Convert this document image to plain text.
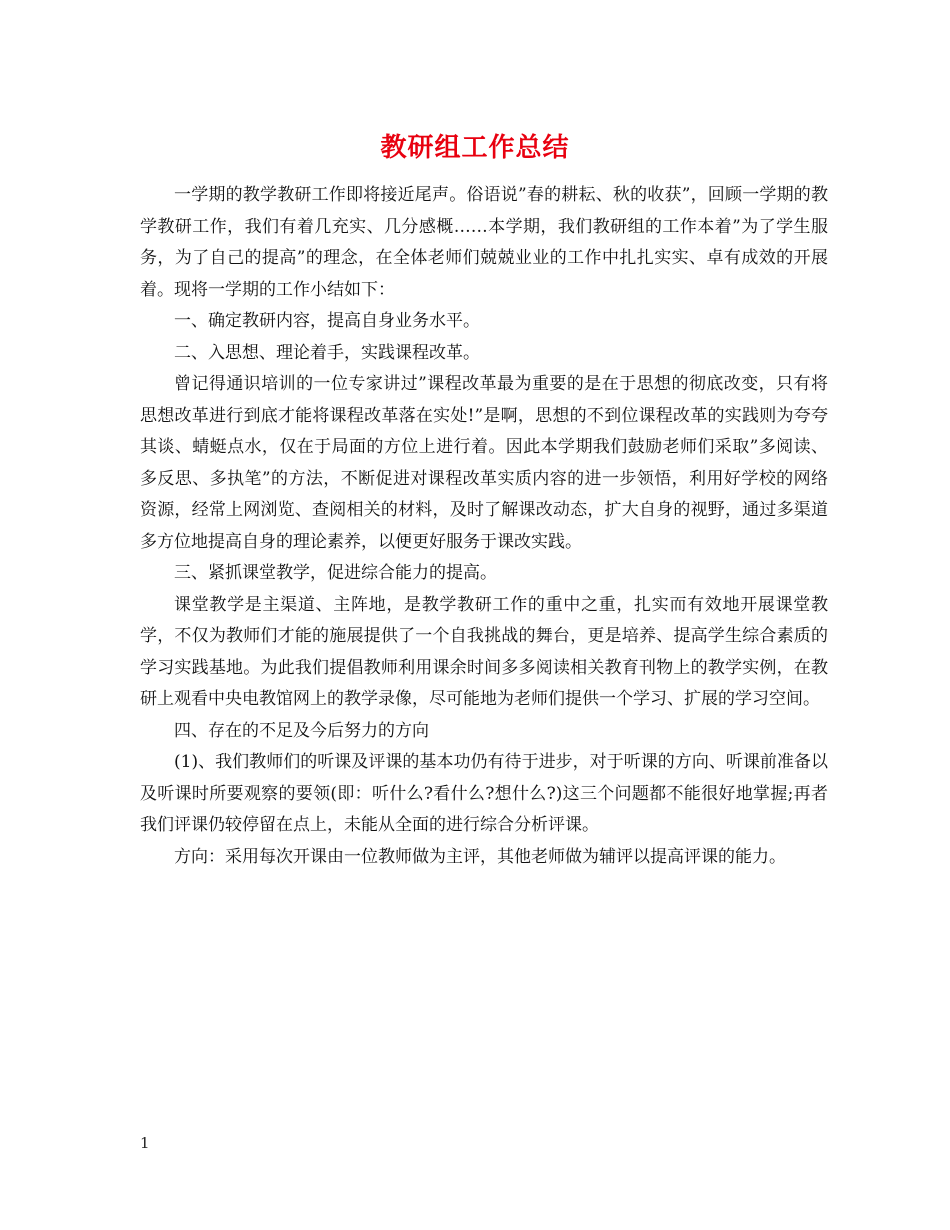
教研组工作总结

一学期的教学教研工作即将接近尾声。俗语说”春的耕耘、秋的收获”，回顾一学期的教学教研工作，我们有着几充实、几分感概……本学期，我们教研组的工作本着”为了学生服务，为了自己的提高”的理念，在全体老师们兢兢业业的工作中扎扎实实、卓有成效的开展着。现将一学期的工作小结如下：

一、确定教研内容，提高自身业务水平。

二、入思想、理论着手，实践课程改革。

曾记得通识培训的一位专家讲过”课程改革最为重要的是在于思想的彻底改变，只有将思想改革进行到底才能将课程改革落在实处!”是啊，思想的不到位课程改革的实践则为夸夸其谈、蜻蜓点水，仅在于局面的方位上进行着。因此本学期我们鼓励老师们采取”多阅读、多反思、多执笔”的方法，不断促进对课程改革实质内容的进一步领悟，利用好学校的网络资源，经常上网浏览、查阅相关的材料，及时了解课改动态，扩大自身的视野，通过多渠道多方位地提高自身的理论素养，以便更好服务于课改实践。

三、紧抓课堂教学，促进综合能力的提高。

课堂教学是主渠道、主阵地，是教学教研工作的重中之重，扎实而有效地开展课堂教学，不仅为教师们才能的施展提供了一个自我挑战的舞台，更是培养、提高学生综合素质的学习实践基地。为此我们提倡教师利用课余时间多多阅读相关教育刊物上的教学实例，在教研上观看中央电教馆网上的教学录像，尽可能地为老师们提供一个学习、扩展的学习空间。

四、存在的不足及今后努力的方向

(1)、我们教师们的听课及评课的基本功仍有待于进步，对于听课的方向、听课前准备以及听课时所要观察的要领(即：听什么?看什么?想什么?)这三个问题都不能很好地掌握;再者我们评课仍较停留在点上，未能从全面的进行综合分析评课。

方向：采用每次开课由一位教师做为主评，其他老师做为辅评以提高评课的能力。

1
